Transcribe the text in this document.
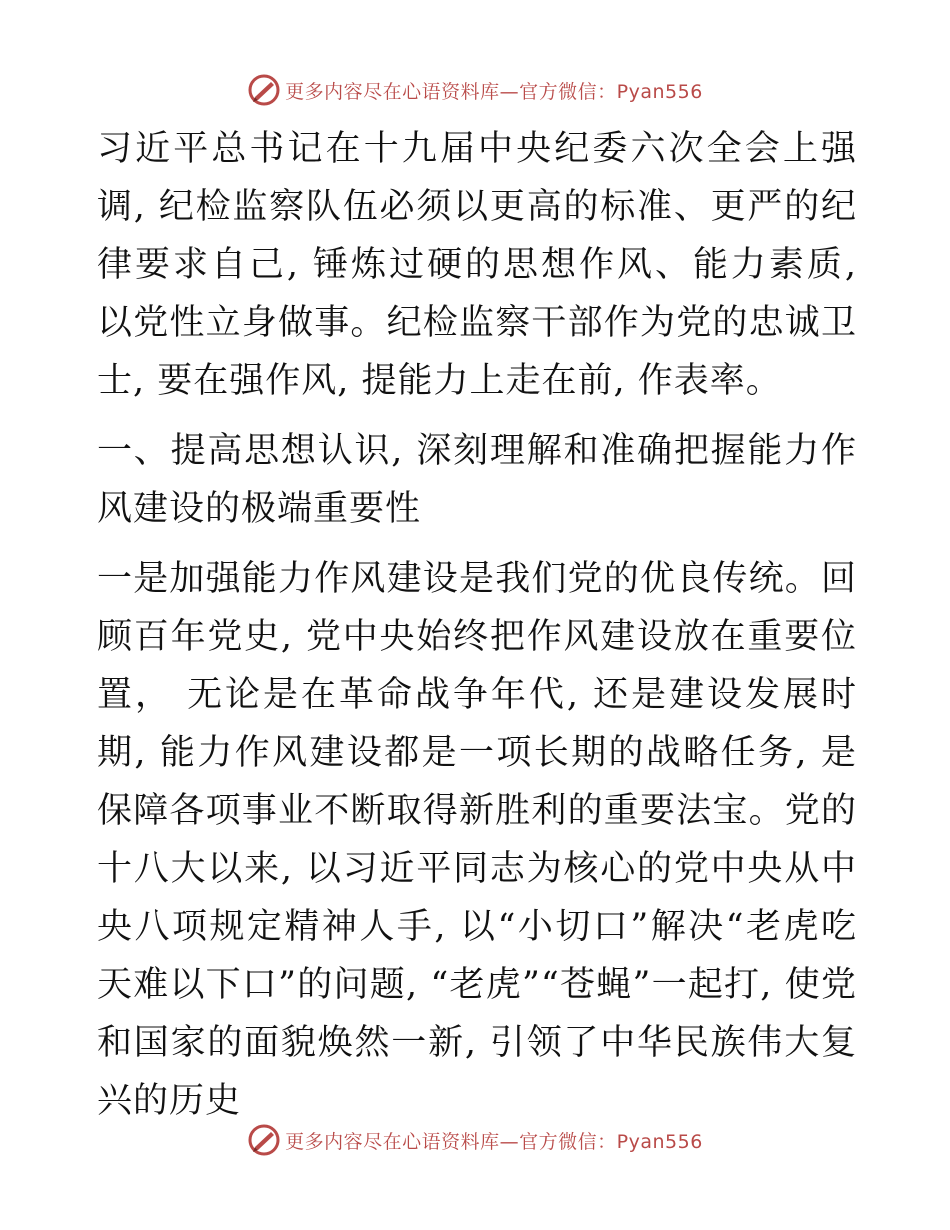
更多内容尽在心语资料库—官方微信：Pyan556

习近平总书记在十九届中央纪委六次全会上强调, 纪检监察队伍必须以更高的标准、更严的纪律要求自己, 锤炼过硬的思想作风、能力素质, 以党性立身做事。纪检监察干部作为党的忠诚卫士, 要在强作风, 提能力上走在前, 作表率。

一、提高思想认识, 深刻理解和准确把握能力作风建设的极端重要性

一是加强能力作风建设是我们党的优良传统。回顾百年党史, 党中央始终把作风建设放在重要位置， 无论是在革命战争年代, 还是建设发展时期, 能力作风建设都是一项长期的战略任务, 是保障各项事业不断取得新胜利的重要法宝。党的十八大以来, 以习近平同志为核心的党中央从中央八项规定精神人手, 以“小切口”解决“老虎吃天难以下口”的问题, “老虎”“苍蝇”一起打, 使党和国家的面貌焕然一新, 引领了中华民族伟大复兴的历史

更多内容尽在心语资料库—官方微信：Pyan556
